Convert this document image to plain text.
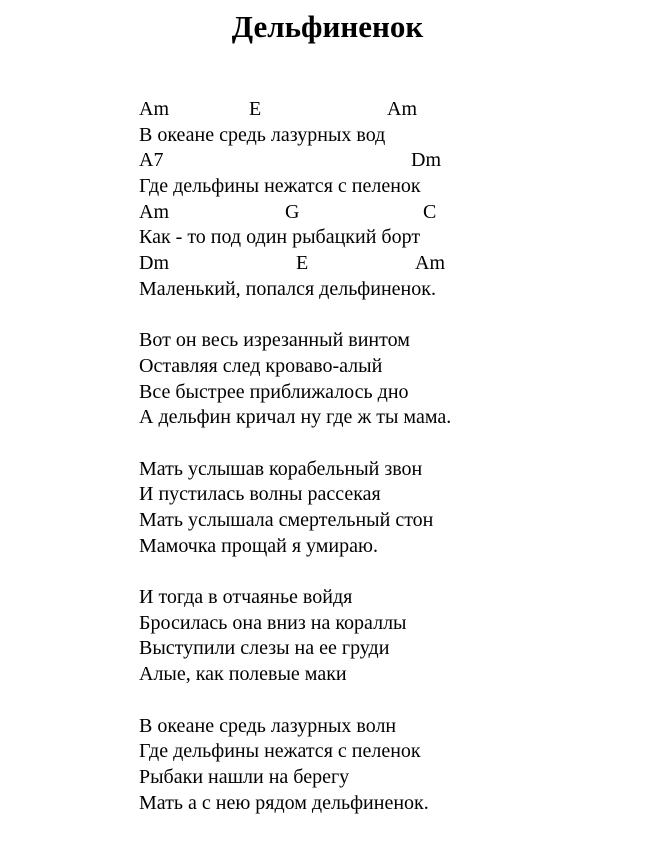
Дельфиненок

Am

	E

	Am

В океане средь лазурных вод

A7

	Dm

Где дельфины нежатся с пеленок

Am

	G

	C

Как - то под один рыбацкий борт

Dm

	E

	Am

Маленький, попался дельфиненок.
Вот он весь изрезанный винтом
Оставляя след кроваво-алый
Все быстрее приближалось дно
А дельфин кричал ну где ж ты мама.
Мать услышав корабельный звон
И пустилась волны рассекая
Мать услышала смертельный стон
Мамочка прощай я умираю.
И тогда в отчаянье войдя
Бросилась она вниз на кораллы
Выступили слезы на ее груди
Алые, как полевые маки
В океане средь лазурных волн
Где дельфины нежатся с пеленок
Рыбаки нашли на берегу
Мать а с нею рядом дельфиненок.
